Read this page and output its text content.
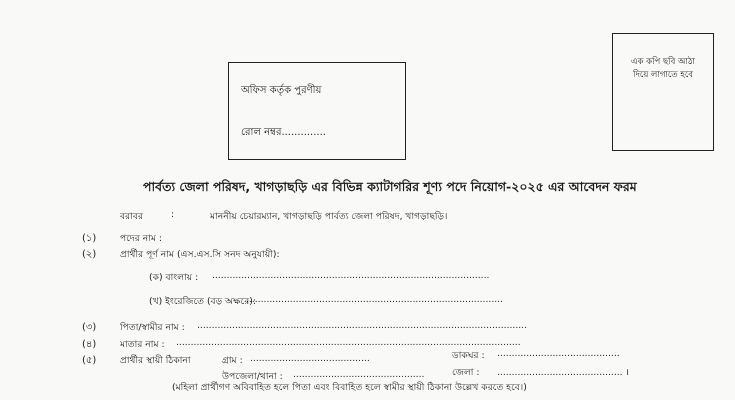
অফিস কর্তৃক পুরণীয়
রোল নম্বর..............
এক কপি ছবি আঠা
দিয়ে লাগাতে হবে
পার্বত্য জেলা পরিষদ, খাগড়াছড়ি এর বিভিন্ন ক্যাটাগরির শূণ্য পদে নিয়োগ-২০২৫ এর আবেদন ফরম
বরাবর	:	মাননীয় চেয়ারম্যান, খাগড়াছড়ি পার্বত্য জেলা পরিষদ, খাগড়াছড়ি।
(১)	পদের নাম :
(২)	প্রার্থীর পূর্ণ নাম (এস.এস.সি সনদ অনুযায়ী):
(ক) বাংলায় : ...............................................................................................
(খ) ইংরেজিতে (বড় অক্ষরে):
........................................................................................
(৩)	পিতা/স্বামীর নাম : .................................................................................................................
(৪)	মাতার নাম : ......................................................................................................................
(৫)	প্রার্থীর স্থায়ী ঠিকানা	গ্রাম : .........................................	ডাকঘর : ..........................................
উপজেলা/থানা : .............................................	জেলা : ........................................... ।
(মহিলা প্রার্থীগণ অবিবাহিত হলে পিতা এবং বিবাহিত হলে স্বামীর স্থায়ী ঠিকানা উল্লেখ করতে হবে।)
